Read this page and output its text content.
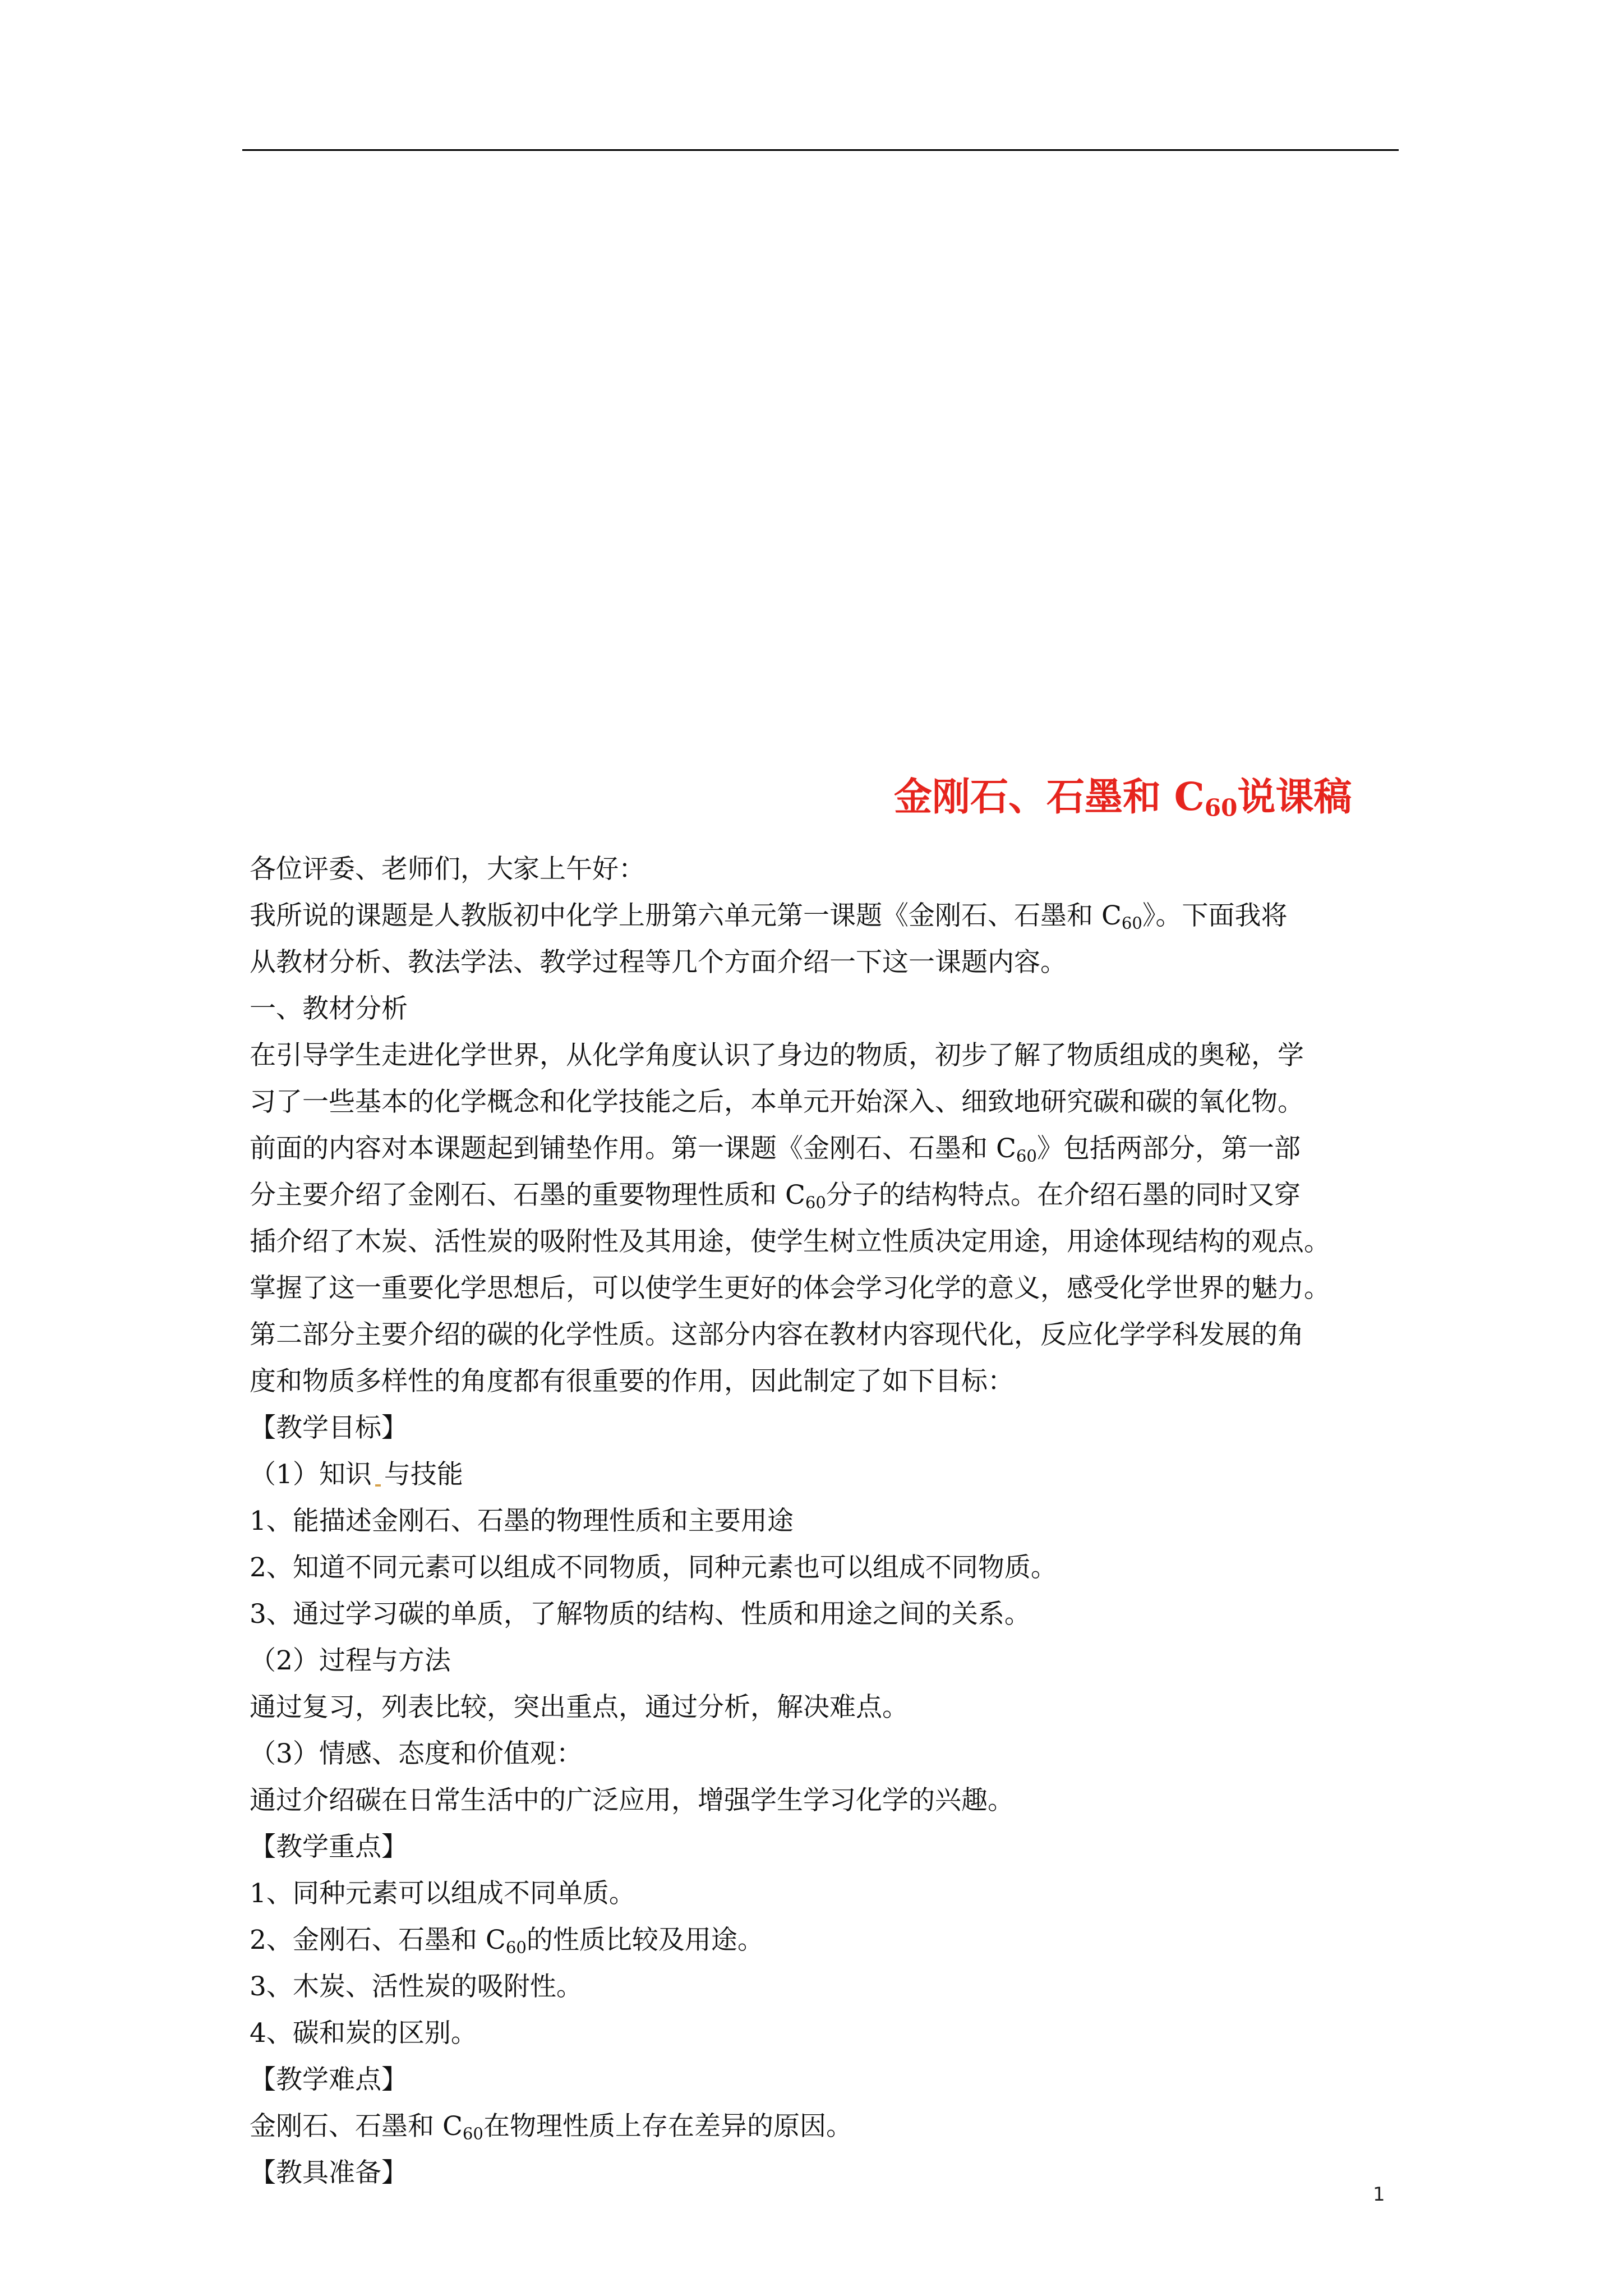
金刚石、石墨和 $C_{60}$说课稿
各位评委、老师们，大家上午好：
我所说的课题是人教版初中化学上册第六单元第一课题《金刚石、石墨和 $C_{60}$》。下面我将
从教材分析、教法学法、教学过程等几个方面介绍一下这一课题内容。
一、教材分析
在引导学生走进化学世界，从化学角度认识了身边的物质，初步了解了物质组成的奥秘，学
习了一些基本的化学概念和化学技能之后，本单元开始深入、细致地研究碳和碳的氧化物。
前面的内容对本课题起到铺垫作用。第一课题《金刚石、石墨和 $C_{60}$》包括两部分，第一部
分主要介绍了金刚石、石墨的重要物理性质和 $C_{60}$分子的结构特点。在介绍石墨的同时又穿
插介绍了木炭、活性炭的吸附性及其用途，使学生树立性质决定用途，用途体现结构的观点。
掌握了这一重要化学思想后，可以使学生更好的体会学习化学的意义，感受化学世界的魅力。
第二部分主要介绍的碳的化学性质。这部分内容在教材内容现代化，反应化学学科发展的角
度和物质多样性的角度都有很重要的作用，因此制定了如下目标：
【教学目标】
（1）知识 与技能
1、能描述金刚石、石墨的物理性质和主要用途
2、知道不同元素可以组成不同物质，同种元素也可以组成不同物质。
3、通过学习碳的单质，了解物质的结构、性质和用途之间的关系。
（2）过程与方法
通过复习，列表比较，突出重点，通过分析，解决难点。
（3）情感、态度和价值观：
通过介绍碳在日常生活中的广泛应用，增强学生学习化学的兴趣。
【教学重点】
1、同种元素可以组成不同单质。
2、金刚石、石墨和 $C_{60}$的性质比较及用途。
3、木炭、活性炭的吸附性。
4、碳和炭的区别。
【教学难点】
金刚石、石墨和 $C_{60}$在物理性质上存在差异的原因。
【教具准备】
1
